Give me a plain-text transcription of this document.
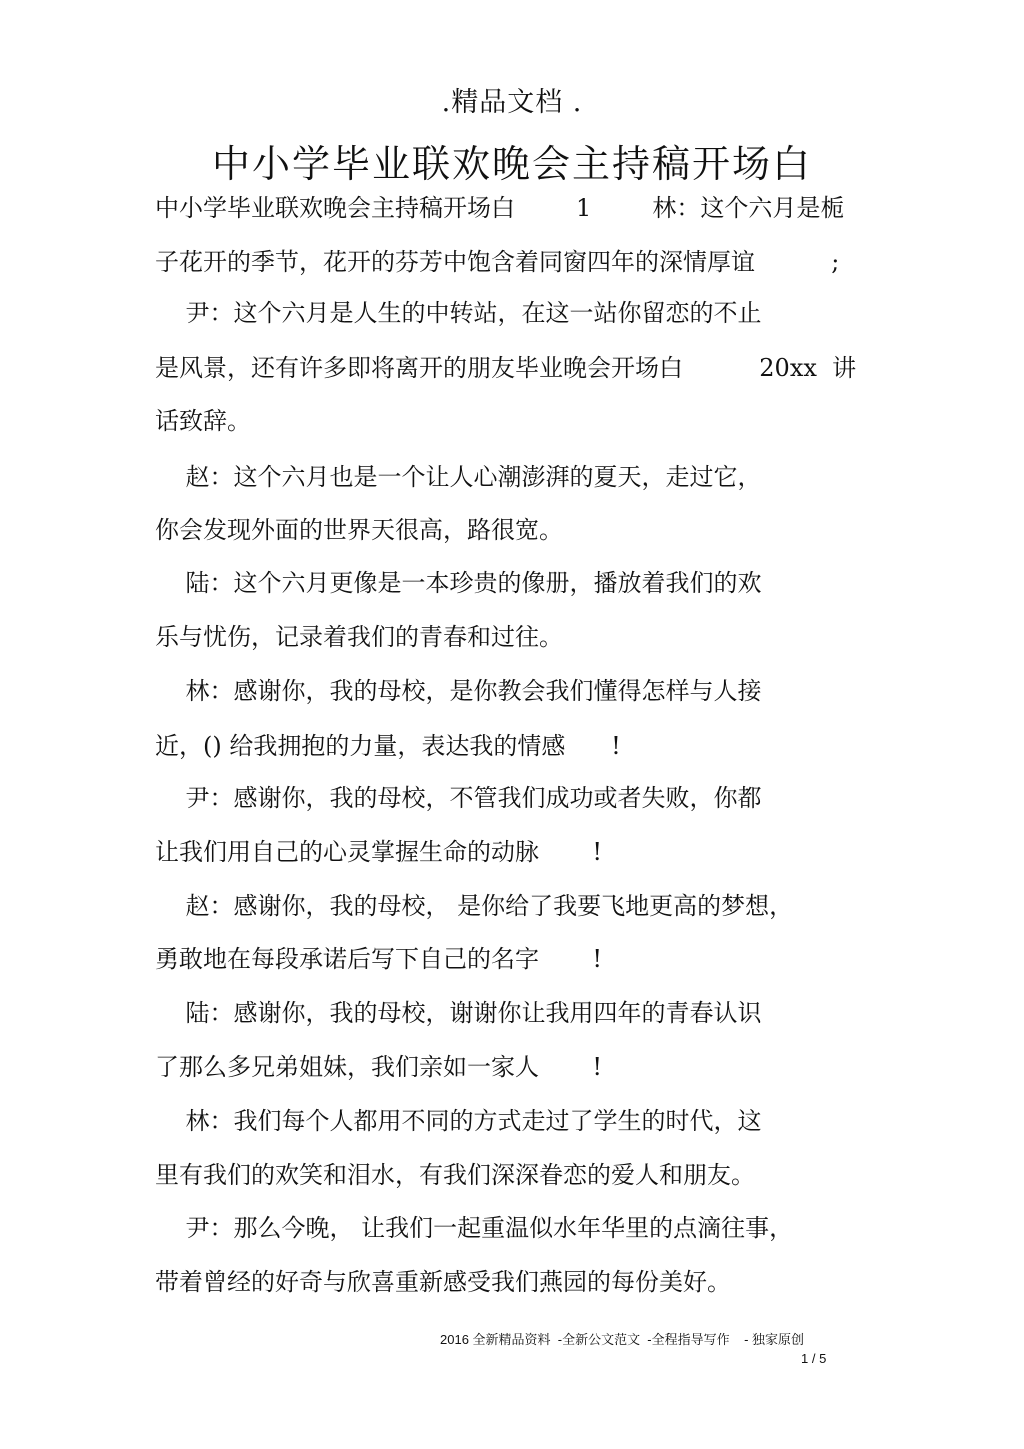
.精品文档 .
中小学毕业联欢晚会主持稿开场白
中小学毕业联欢晚会主持稿开场白        1        林：这个六月是栀
子花开的季节，花开的芬芳中饱含着同窗四年的深情厚谊          ;
尹：这个六月是人生的中转站，在这一站你留恋的不止
是风景，还有许多即将离开的朋友毕业晚会开场白          20xx  讲
话致辞。
赵：这个六月也是一个让人心潮澎湃的夏天，走过它，
你会发现外面的世界天很高，路很宽。
陆：这个六月更像是一本珍贵的像册，播放着我们的欢
乐与忧伤，记录着我们的青春和过往。
林：感谢你，我的母校，是你教会我们懂得怎样与人接
近，() 给我拥抱的力量，表达我的情感      !
尹：感谢你，我的母校，不管我们成功或者失败，你都
让我们用自己的心灵掌握生命的动脉       !
赵：感谢你，我的母校， 是你给了我要飞地更高的梦想，
勇敢地在每段承诺后写下自己的名字       !
陆：感谢你，我的母校，谢谢你让我用四年的青春认识
了那么多兄弟姐妹，我们亲如一家人       !
林：我们每个人都用不同的方式走过了学生的时代，这
里有我们的欢笑和泪水，有我们深深眷恋的爱人和朋友。
尹：那么今晚， 让我们一起重温似水年华里的点滴往事，
带着曾经的好奇与欣喜重新感受我们燕园的每份美好。
2016 全新精品资料  -全新公文范文  -全程指导写作    - 独家原创
1 / 5
